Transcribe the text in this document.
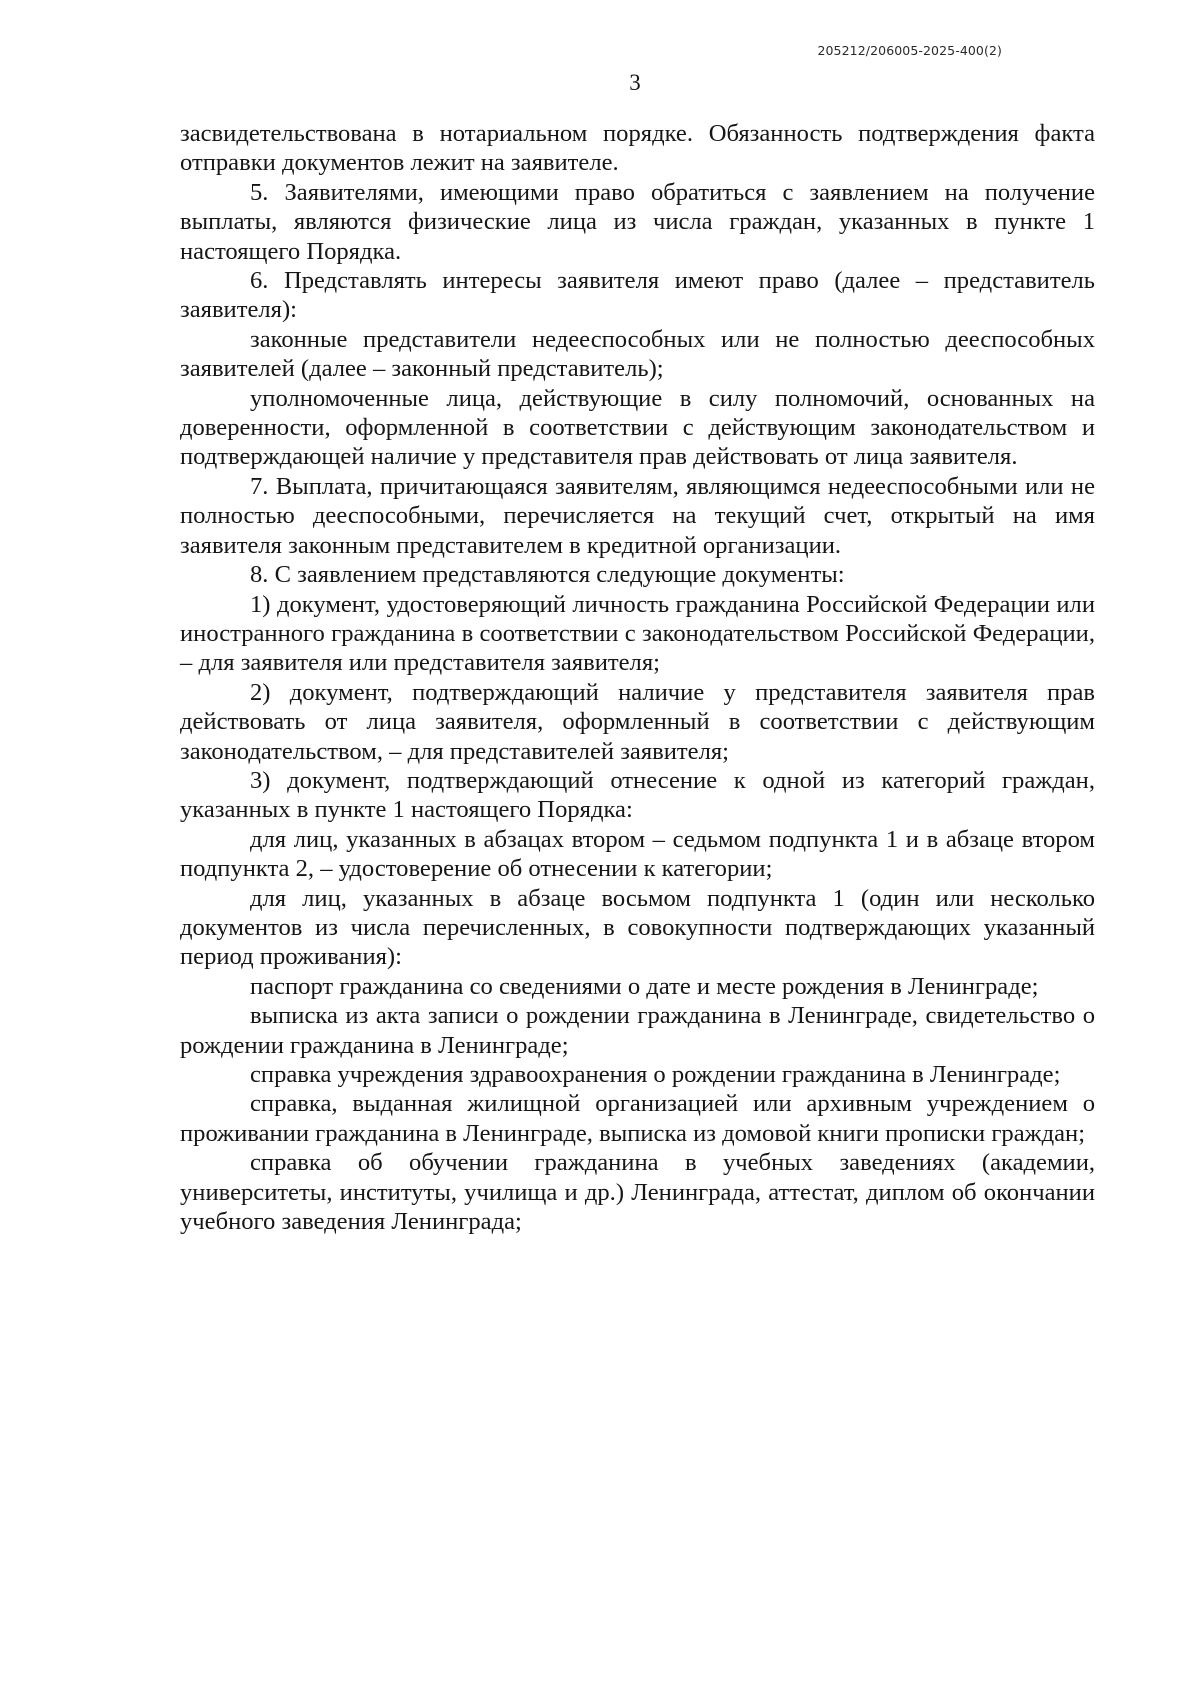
205212/206005-2025-400(2)
3

засвидетельствована в нотариальном порядке. Обязанность подтверждения факта отправки документов лежит на заявителе.

5. Заявителями, имеющими право обратиться с заявлением на получение выплаты, являются физические лица из числа граждан, указанных в пункте 1 настоящего Порядка.

6. Представлять интересы заявителя имеют право (далее – представитель заявителя):

законные представители недееспособных или не полностью дееспособных заявителей (далее – законный представитель);

уполномоченные лица, действующие в силу полномочий, основанных на доверенности, оформленной в соответствии с действующим законодательством и подтверждающей наличие у представителя прав действовать от лица заявителя.

7. Выплата, причитающаяся заявителям, являющимся недееспособными или не полностью дееспособными, перечисляется на текущий счет, открытый на имя заявителя законным представителем в кредитной организации.

8. С заявлением представляются следующие документы:

1) документ, удостоверяющий личность гражданина Российской Федерации или иностранного гражданина в соответствии с законодательством Российской Федерации, – для заявителя или представителя заявителя;

2) документ, подтверждающий наличие у представителя заявителя прав действовать от лица заявителя, оформленный в соответствии с действующим законодательством, – для представителей заявителя;

3) документ, подтверждающий отнесение к одной из категорий граждан, указанных в пункте 1 настоящего Порядка:

для лиц, указанных в абзацах втором – седьмом подпункта 1 и в абзаце втором подпункта 2, – удостоверение об отнесении к категории;

для лиц, указанных в абзаце восьмом подпункта 1 (один или несколько документов из числа перечисленных, в совокупности подтверждающих указанный период проживания):

паспорт гражданина со сведениями о дате и месте рождения в Ленинграде;

выписка из акта записи о рождении гражданина в Ленинграде, свидетельство о рождении гражданина в Ленинграде;

справка учреждения здравоохранения о рождении гражданина в Ленинграде;

справка, выданная жилищной организацией или архивным учреждением о проживании гражданина в Ленинграде, выписка из домовой книги прописки граждан;

справка об обучении гражданина в учебных заведениях (академии, университеты, институты, училища и др.) Ленинграда, аттестат, диплом об окончании учебного заведения Ленинграда;
